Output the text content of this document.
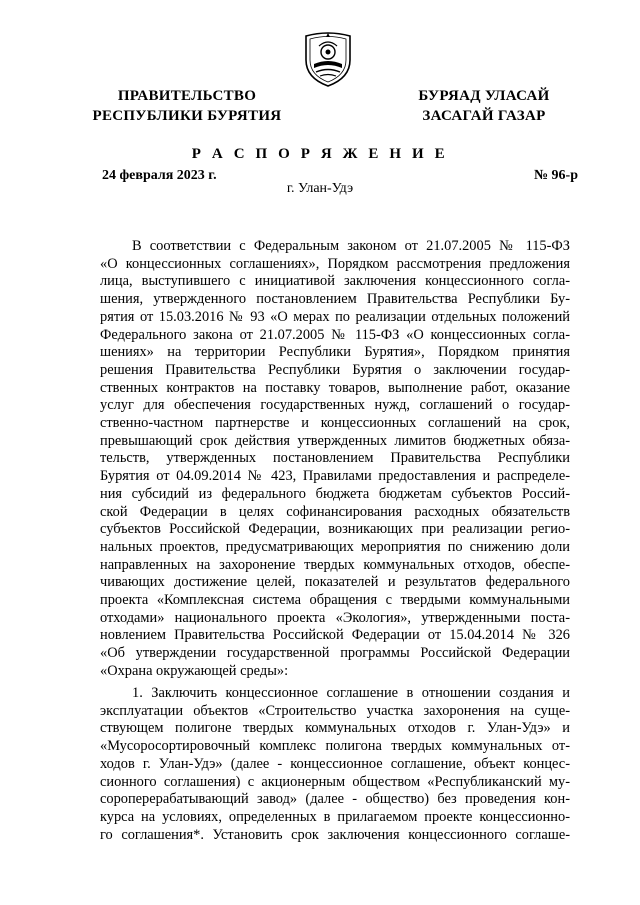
ПРАВИТЕЛЬСТВО
РЕСПУБЛИКИ БУРЯТИЯ
БУРЯАД УЛАСАЙ
ЗАСАГАЙ ГАЗАР
Р А С П О Р Я Ж Е Н И Е
24 февраля 2023 г.	№ 96-р
г. Улан-Удэ
В соответствии с Федеральным законом от 21.07.2005 № 115-ФЗ
«О концессионных соглашениях», Порядком рассмотрения предложения
лица, выступившего с инициативой заключения концессионного согла-
шения, утвержденного постановлением Правительства Республики Бу-
рятия от 15.03.2016 № 93 «О мерах по реализации отдельных положений
Федерального закона от 21.07.2005 № 115-ФЗ «О концессионных согла-
шениях» на территории Республики Бурятия», Порядком принятия
решения Правительства Республики Бурятия о заключении государ-
ственных контрактов на поставку товаров, выполнение работ, оказание
услуг для обеспечения государственных нужд, соглашений о государ-
ственно-частном партнерстве и концессионных соглашений на срок,
превышающий срок действия утвержденных лимитов бюджетных обяза-
тельств, утвержденных постановлением Правительства Республики
Бурятия от 04.09.2014 № 423, Правилами предоставления и распределе-
ния субсидий из федерального бюджета бюджетам субъектов Россий-
ской Федерации в целях софинансирования расходных обязательств
субъектов Российской Федерации, возникающих при реализации регио-
нальных проектов, предусматривающих мероприятия по снижению доли
направленных на захоронение твердых коммунальных отходов, обеспе-
чивающих достижение целей, показателей и результатов федерального
проекта «Комплексная система обращения с твердыми коммунальными
отходами» национального проекта «Экология», утвержденными поста-
новлением Правительства Российской Федерации от 15.04.2014 № 326
«Об утверждении государственной программы Российской Федерации
«Охрана окружающей среды»:
1. Заключить концессионное соглашение в отношении создания и
эксплуатации объектов «Строительство участка захоронения на суще-
ствующем полигоне твердых коммунальных отходов г. Улан-Удэ» и
«Мусоросортировочный комплекс полигона твердых коммунальных от-
ходов г. Улан-Удэ» (далее - концессионное соглашение, объект концес-
сионного соглашения) с акционерным обществом «Республиканский му-
сороперерабатывающий завод» (далее - общество) без проведения кон-
курса на условиях, определенных в прилагаемом проекте концессионно-
го соглашения*. Установить срок заключения концессионного соглаше-
